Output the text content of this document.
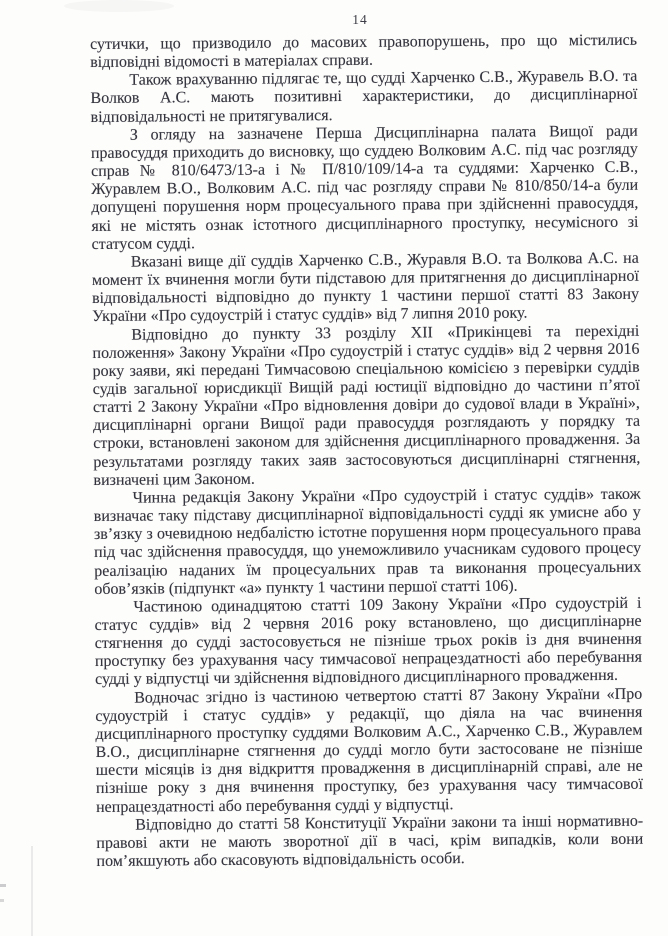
14

сутички, що призводило до масових правопорушень, про що містились відповідні відомості в матеріалах справи.

Також врахуванню підлягає те, що судді Харченко С.В., Журавель В.О. та Волков А.С. мають позитивні характеристики, до дисциплінарної відповідальності не притягувалися.

З огляду на зазначене Перша Дисциплінарна палата Вищої ради правосуддя приходить до висновку, що суддею Волковим А.С. під час розгляду справ № 810/6473/13-а і № П/810/109/14-а та суддями: Харченко С.В., Журавлем В.О., Волковим А.С. під час розгляду справи № 810/850/14-а були допущені порушення норм процесуального права при здійсненні правосуддя, які не містять ознак істотного дисциплінарного проступку, несумісного зі статусом судді.

Вказані вище дії суддів Харченко С.В., Журавля В.О. та Волкова А.С. на момент їх вчинення могли бути підставою для притягнення до дисциплінарної відповідальності відповідно до пункту 1 частини першої статті 83 Закону України «Про судоустрій і статус суддів» від 7 липня 2010 року.

Відповідно до пункту 33 розділу XII «Прикінцеві та перехідні положення» Закону України «Про судоустрій і статус суддів» від 2 червня 2016 року заяви, які передані Тимчасовою спеціальною комісією з перевірки суддів судів загальної юрисдикції Вищій раді юстиції відповідно до частини п’ятої статті 2 Закону України «Про відновлення довіри до судової влади в Україні», дисциплінарні органи Вищої ради правосуддя розглядають у порядку та строки, встановлені законом для здійснення дисциплінарного провадження. За результатами розгляду таких заяв застосовуються дисциплінарні стягнення, визначені цим Законом.

Чинна редакція Закону України «Про судоустрій і статус суддів» також визначає таку підставу дисциплінарної відповідальності судді як умисне або у зв’язку з очевидною недбалістю істотне порушення норм процесуального права під час здійснення правосуддя, що унеможливило учасникам судового процесу реалізацію наданих їм процесуальних прав та виконання процесуальних обов’язків (підпункт «а» пункту 1 частини першої статті 106).

Частиною одинадцятою статті 109 Закону України «Про судоустрій і статус суддів» від 2 червня 2016 року встановлено, що дисциплінарне стягнення до судді застосовується не пізніше трьох років із дня вчинення проступку без урахування часу тимчасової непрацездатності або перебування судді у відпустці чи здійснення відповідного дисциплінарного провадження.

Водночас згідно із частиною четвертою статті 87 Закону України «Про судоустрій і статус суддів» у редакції, що діяла на час вчинення дисциплінарного проступку суддями Волковим А.С., Харченко С.В., Журавлем В.О., дисциплінарне стягнення до судді могло бути застосоване не пізніше шести місяців із дня відкриття провадження в дисциплінарній справі, але не пізніше року з дня вчинення проступку, без урахування часу тимчасової непрацездатності або перебування судді у відпустці.

Відповідно до статті 58 Конституції України закони та інші нормативно-правові акти не мають зворотної дії в часі, крім випадків, коли вони пом’якшують або скасовують відповідальність особи.
